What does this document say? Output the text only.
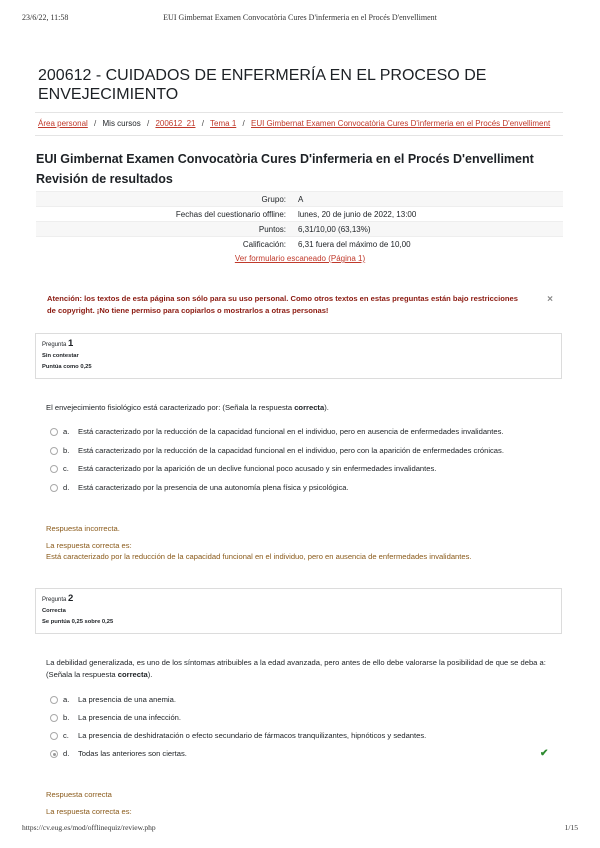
23/6/22, 11:58	EUI Gimbernat Examen Convocatòria Cures D'infermeria en el Procés D'envelliment
200612 - CUIDADOS DE ENFERMERÍA EN EL PROCESO DE ENVEJECIMIENTO
Área personal / Mis cursos / 200612_21 / Tema 1 / EUI Gimbernat Examen Convocatòria Cures D'infermeria en el Procés D'envelliment
EUI Gimbernat Examen Convocatòria Cures D'infermeria en el Procés D'envelliment
Revisión de resultados
Grupo: A
Fechas del cuestionario offline: lunes, 20 de junio de 2022, 13:00
Puntos: 6,31/10,00 (63,13%)
Calificación: 6,31 fuera del máximo de 10,00
Ver formulario escaneado (Página 1)
Atención: los textos de esta página son sólo para su uso personal. Como otros textos en estas preguntas están bajo restricciones de copyright. ¡No tiene permiso para copiarlos o mostrarlos a otras personas!
×
Pregunta 1
Sin contestar
Puntúa como 0,25
El envejecimiento fisiológico está caracterizado por: (Señala la respuesta correcta).
a. Está caracterizado por la reducción de la capacidad funcional en el individuo, pero en ausencia de enfermedades invalidantes.
b. Está caracterizado por la reducción de la capacidad funcional en el individuo, pero con la aparición de enfermedades crónicas.
c. Está caracterizado por la aparición de un declive funcional poco acusado y sin enfermedades invalidantes.
d. Está caracterizado por la presencia de una autonomía plena física y psicológica.
Respuesta incorrecta.
La respuesta correcta es:
Está caracterizado por la reducción de la capacidad funcional en el individuo, pero en ausencia de enfermedades invalidantes.
Pregunta 2
Correcta
Se puntúa 0,25 sobre 0,25
La debilidad generalizada, es uno de los síntomas atribuibles a la edad avanzada, pero antes de ello debe valorarse la posibilidad de que se deba a: (Señala la respuesta correcta).
a. La presencia de una anemia.
b. La presencia de una infección.
c. La presencia de deshidratación o efecto secundario de fármacos tranquilizantes, hipnóticos y sedantes.
d. Todas las anteriores son ciertas.	✔
Respuesta correcta
La respuesta correcta es:
https://cv.eug.es/mod/offlinequiz/review.php	1/15
